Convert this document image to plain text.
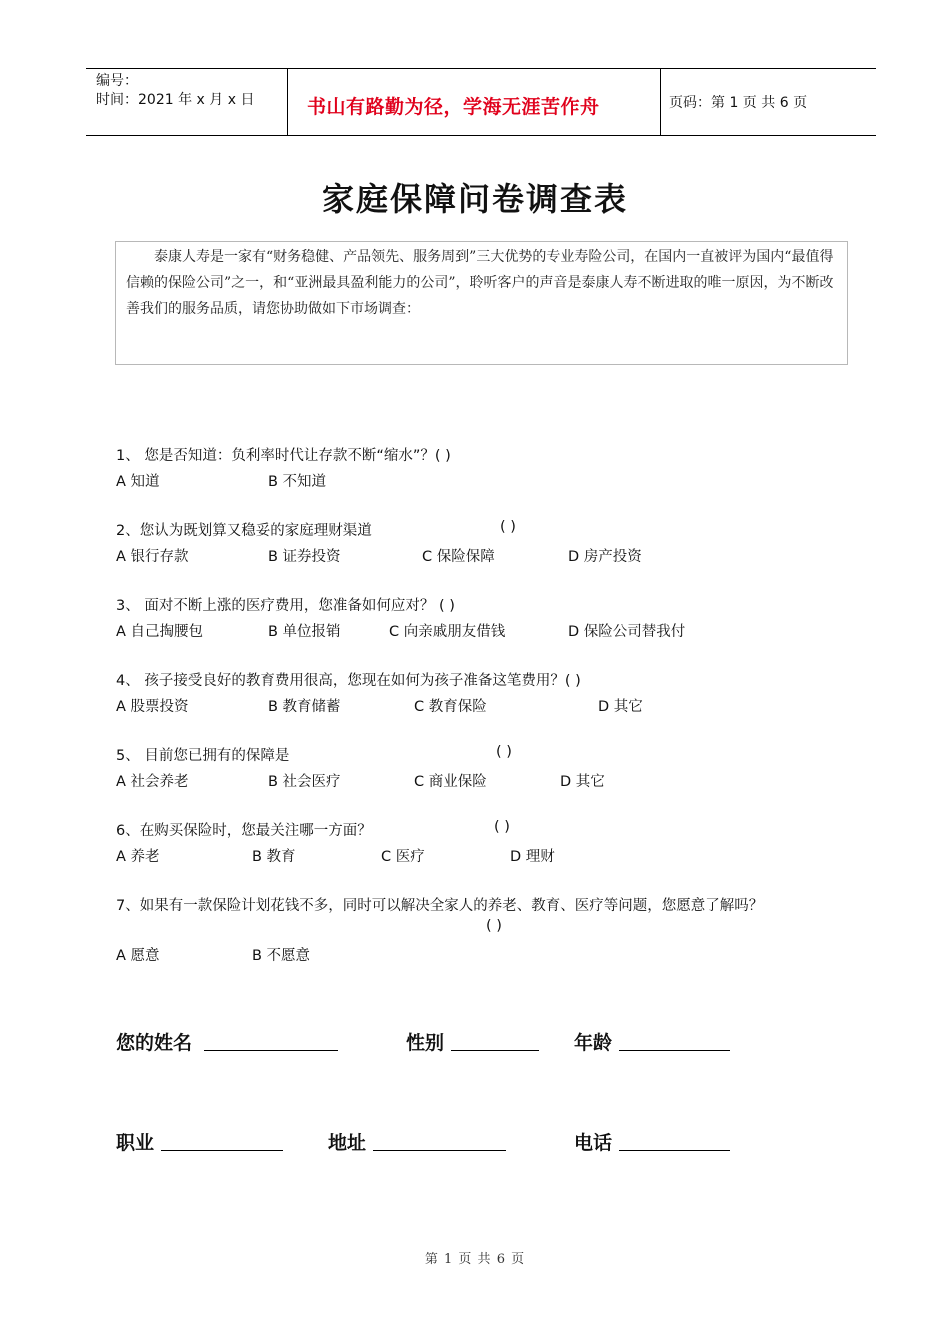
编号：
时间：2021 年 x 月 x 日	书山有路勤为径，学海无涯苦作舟	页码：第 1 页 共 6 页
家庭保障问卷调查表
泰康人寿是一家有“财务稳健、产品领先、服务周到”三大优势的专业寿险公司，在国内一直被评为国内“最值得信赖的保险公司”之一，和“亚洲最具盈利能力的公司”，聆听客户的声音是泰康人寿不断进取的唯一原因，为不断改善我们的服务品质，请您协助做如下市场调查：
1、 您是否知道：负利率时代让存款不断“缩水”？( )
A 知道	B 不知道
2、您认为既划算又稳妥的家庭理财渠道	( )
A 银行存款	B 证券投资	C 保险保障	D 房产投资
3、 面对不断上涨的医疗费用，您准备如何应对？ ( )
A 自己掏腰包	B 单位报销	C 向亲戚朋友借钱	D 保险公司替我付
4、 孩子接受良好的教育费用很高，您现在如何为孩子准备这笔费用？( )
A 股票投资	B 教育储蓄	C 教育保险	D 其它
5、 目前您已拥有的保障是	( )
A 社会养老	B 社会医疗	C 商业保险	D 其它
6、在购买保险时，您最关注哪一方面？	( )
A 养老	B 教育	C 医疗	D 理财
7、如果有一款保险计划花钱不多，同时可以解决全家人的养老、教育、医疗等问题，您愿意了解吗？
( )
A 愿意	B 不愿意
您的姓名	性别	年龄
职业	地址	电话
第 1 页 共 6 页
